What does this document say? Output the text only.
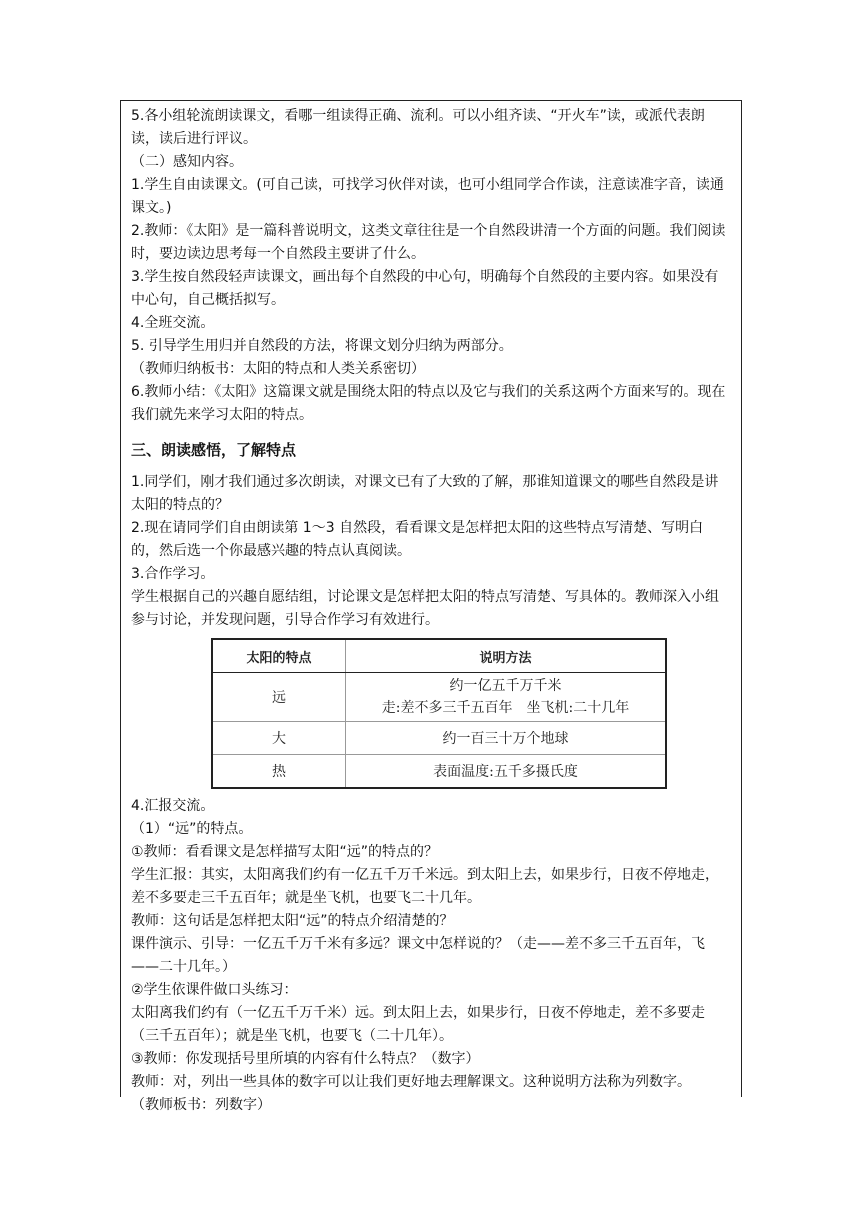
5.各小组轮流朗读课文，看哪一组读得正确、流利。可以小组齐读、“开火车”读，或派代表朗读，读后进行评议。

（二）感知内容。

1.学生自由读课文。(可自己读，可找学习伙伴对读，也可小组同学合作读，注意读准字音，读通课文。)

2.教师：《太阳》是一篇科普说明文，这类文章往往是一个自然段讲清一个方面的问题。我们阅读时，要边读边思考每一个自然段主要讲了什么。

3.学生按自然段轻声读课文，画出每个自然段的中心句，明确每个自然段的主要内容。如果没有中心句，自己概括拟写。

4.全班交流。

5. 引导学生用归并自然段的方法，将课文划分归纳为两部分。

（教师归纳板书：太阳的特点和人类关系密切）

6.教师小结：《太阳》这篇课文就是围绕太阳的特点以及它与我们的关系这两个方面来写的。现在我们就先来学习太阳的特点。

三、朗读感悟，了解特点

1.同学们，刚才我们通过多次朗读，对课文已有了大致的了解，那谁知道课文的哪些自然段是讲太阳的特点的？

2.现在请同学们自由朗读第 1～3 自然段，看看课文是怎样把太阳的这些特点写清楚、写明白的，然后选一个你最感兴趣的特点认真阅读。

3.合作学习。

学生根据自己的兴趣自愿结组，讨论课文是怎样把太阳的特点写清楚、写具体的。教师深入小组参与讨论，并发现问题，引导合作学习有效进行。

太阳的特点	说明方法
远	约一亿五千万千米
走:差不多三千五百年　坐飞机:二十几年

大	约一百三十万个地球
热	表面温度:五千多摄氏度

4.汇报交流。

（1）“远”的特点。

①教师：看看课文是怎样描写太阳“远”的特点的？

学生汇报：其实，太阳离我们约有一亿五千万千米远。到太阳上去，如果步行，日夜不停地走，差不多要走三千五百年；就是坐飞机，也要飞二十几年。

教师：这句话是怎样把太阳“远”的特点介绍清楚的？

课件演示、引导：一亿五千万千米有多远？课文中怎样说的？（走——差不多三千五百年，飞——二十几年。）

②学生依课件做口头练习：

太阳离我们约有（一亿五千万千米）远。到太阳上去，如果步行，日夜不停地走，差不多要走（三千五百年）；就是坐飞机，也要飞（二十几年）。

③教师：你发现括号里所填的内容有什么特点？（数字）

教师：对，列出一些具体的数字可以让我们更好地去理解课文。这种说明方法称为列数字。

（教师板书：列数字）
